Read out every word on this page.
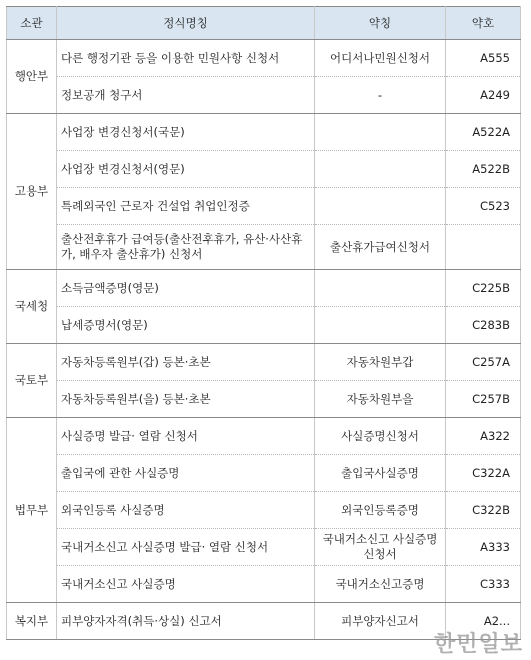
소관	정식명칭	약칭	약호
행안부	다른 행정기관 등을 이용한 민원사항 신청서	어디서나민원신청서	A555
	정보공개 청구서	-	A249
고용부	사업장 변경신청서(국문)		A522A
	사업장 변경신청서(영문)		A522B
	특례외국인 근로자 건설업 취업인정증		C523
	출산전후휴가 급여등(출산전후휴가, 유산·사산휴가, 배우자 출산휴가) 신청서	출산휴가급여신청서	
국세청	소득금액증명(영문)		C225B
	납세증명서(영문)		C283B
국토부	자동차등록원부(갑) 등본·초본	자동차원부갑	C257A
	자동차등록원부(을) 등본·초본	자동차원부을	C257B
법무부	사실증명 발급· 열람 신청서	사실증명신청서	A322
	출입국에 관한 사실증명	출입국사실증명	C322A
	외국인등록 사실증명	외국인등록증명	C322B
	국내거소신고 사실증명 발급· 열람 신청서	국내거소신고 사실증명신청서	A333
	국내거소신고 사실증명	국내거소신고증명	C333
복지부	피부양자자격(취득·상실) 신고서	피부양자신고서	A2...
한민일보
